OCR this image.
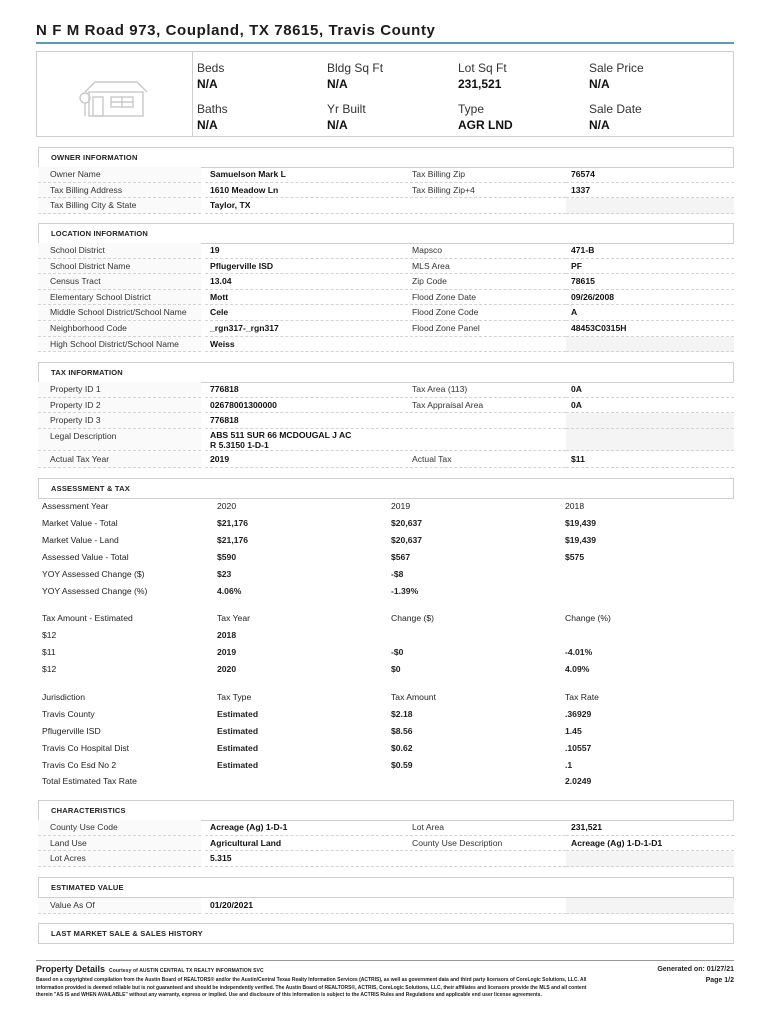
N F M Road 973, Coupland, TX 78615, Travis County
Beds
N/A
Bldg Sq Ft
N/A
Lot Sq Ft
231,521
Sale Price
N/A
Baths
N/A
Yr Built
N/A
Type
AGR LND
Sale Date
N/A
OWNER INFORMATION
Owner Name	Samuelson Mark L	Tax Billing Zip	76574
Tax Billing Address	1610 Meadow Ln	Tax Billing Zip+4	1337
Tax Billing City & State	Taylor, TX
LOCATION INFORMATION
School District	19	Mapsco	471-B
School District Name	Pflugerville ISD	MLS Area	PF
Census Tract	13.04	Zip Code	78615
Elementary School District	Mott	Flood Zone Date	09/26/2008
Middle School District/School Name	Cele	Flood Zone Code	A
Neighborhood Code	_rgn317-_rgn317	Flood Zone Panel	48453C0315H
High School District/School Name	Weiss
TAX INFORMATION
Property ID 1	776818	Tax Area (113)	0A
Property ID 2	02678001300000	Tax Appraisal Area	0A
Property ID 3	776818
Legal Description	ABS 511 SUR 66 MCDOUGAL J AC
R 5.3150 1-D-1
Actual Tax Year	2019	Actual Tax	$11
ASSESSMENT & TAX
Assessment Year	2020	2019	2018
Market Value - Total	$21,176	$20,637	$19,439
Market Value - Land	$21,176	$20,637	$19,439
Assessed Value - Total	$590	$567	$575
YOY Assessed Change ($)	$23	-$8
YOY Assessed Change (%)	4.06%	-1.39%
Tax Amount - Estimated	Tax Year	Change ($)	Change (%)
$12	2018
$11	2019	-$0	-4.01%
$12	2020	$0	4.09%
Jurisdiction	Tax Type	Tax Amount	Tax Rate
Travis County	Estimated	$2.18	.36929
Pflugerville ISD	Estimated	$8.56	1.45
Travis Co Hospital Dist	Estimated	$0.62	.10557
Travis Co Esd No 2	Estimated	$0.59	.1
Total Estimated Tax Rate	2.0249
CHARACTERISTICS
County Use Code	Acreage (Ag) 1-D-1	Lot Area	231,521
Land Use	Agricultural Land	County Use Description	Acreage (Ag) 1-D-1-D1
Lot Acres	5.315
ESTIMATED VALUE
Value As Of	01/20/2021
LAST MARKET SALE & SALES HISTORY
Property Details Courtesy of AUSTIN CENTRAL TX REALTY INFORMATION SVC
Based on a copyrighted compilation from the Austin Board of REALTORS® and/or the Austin/Central Texas Realty Information Services (ACTRIS), as well as government data and third party licensors of CoreLogic Solutions, LLC. All information provided is deemed reliable but is not guaranteed and should be independently verified. The Austin Board of REALTORS®, ACTRIS, CoreLogic Solutions, LLC, their affiliates and licensors provide the MLS and all content therein "AS IS and WHEN AVAILABLE" without any warranty, express or implied. Use and disclosure of this information is subject to the ACTRIS Rules and Regulations and applicable end user license agreements.
Generated on: 01/27/21
Page 1/2
